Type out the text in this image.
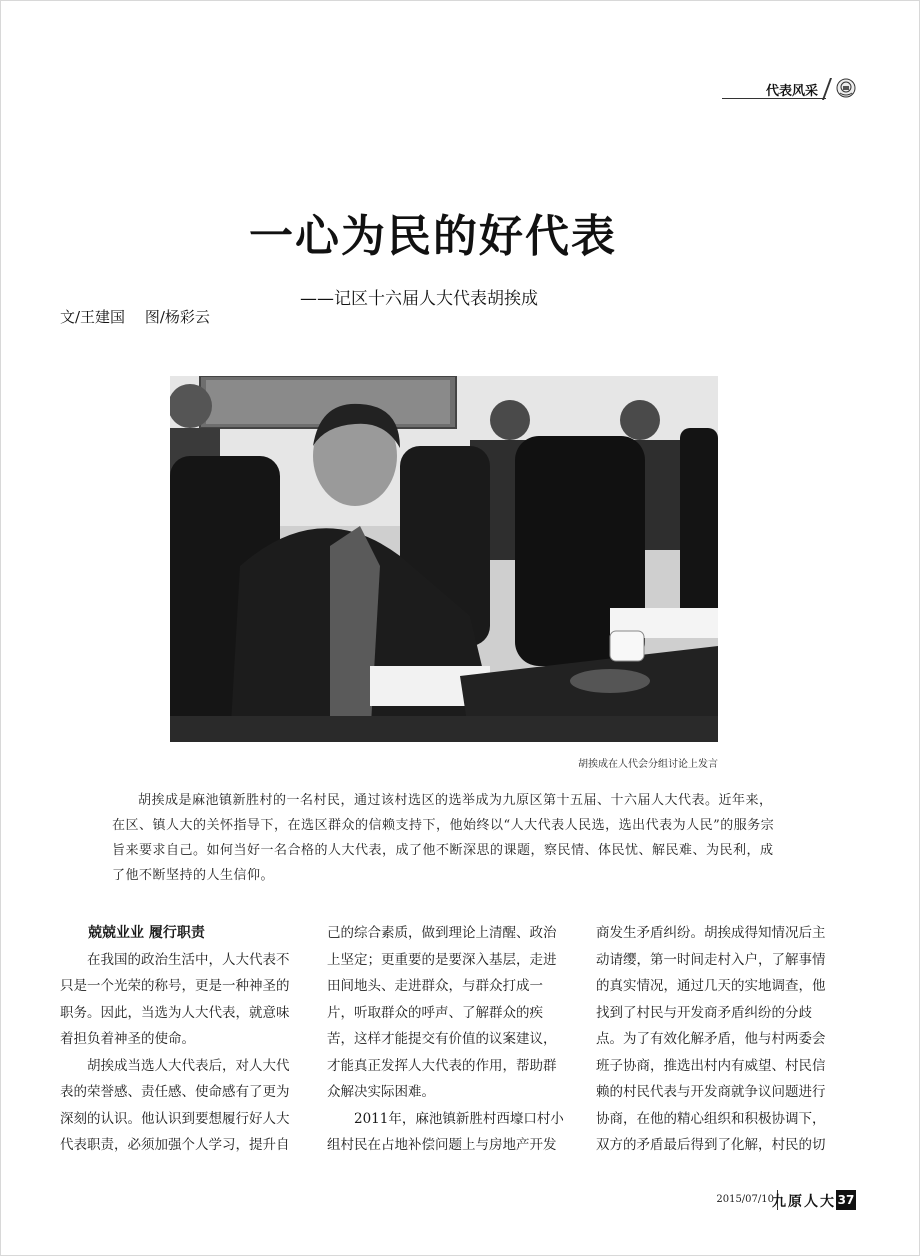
代表风采
一心为民的好代表
——记区十六届人大代表胡挨成
文/王建国　 图/杨彩云
胡挨成在人代会分组讨论上发言

胡挨成是麻池镇新胜村的一名村民，通过该村选区的选举成为九原区第十五届、十六届人大代表。近年来，在区、镇人大的关怀指导下，在选区群众的信赖支持下，他始终以“人大代表人民选，选出代表为人民”的服务宗旨来要求自己。如何当好一名合格的人大代表，成了他不断深思的课题，察民情、体民忧、解民难、为民利，成了他不断坚持的人生信仰。

兢兢业业 履行职责

在我国的政治生活中，人大代表不只是一个光荣的称号，更是一种神圣的职务。因此，当选为人大代表，就意味着担负着神圣的使命。

胡挨成当选人大代表后，对人大代表的荣誉感、责任感、使命感有了更为深刻的认识。他认识到要想履行好人大代表职责，必须加强个人学习，提升自

己的综合素质，做到理论上清醒、政治上坚定；更重要的是要深入基层，走进田间地头、走进群众，与群众打成一片，听取群众的呼声、了解群众的疾苦，这样才能提交有价值的议案建议，才能真正发挥人大代表的作用，帮助群众解决实际困难。

2011年，麻池镇新胜村西壕口村小组村民在占地补偿问题上与房地产开发

商发生矛盾纠纷。胡挨成得知情况后主动请缨，第一时间走村入户，了解事情的真实情况，通过几天的实地调查，他找到了村民与开发商矛盾纠纷的分歧点。为了有效化解矛盾，他与村两委会班子协商，推选出村内有威望、村民信赖的村民代表与开发商就争议问题进行协商，在他的精心组织和积极协调下，双方的矛盾最后得到了化解，村民的切

2015/07/10
九原人大 37
